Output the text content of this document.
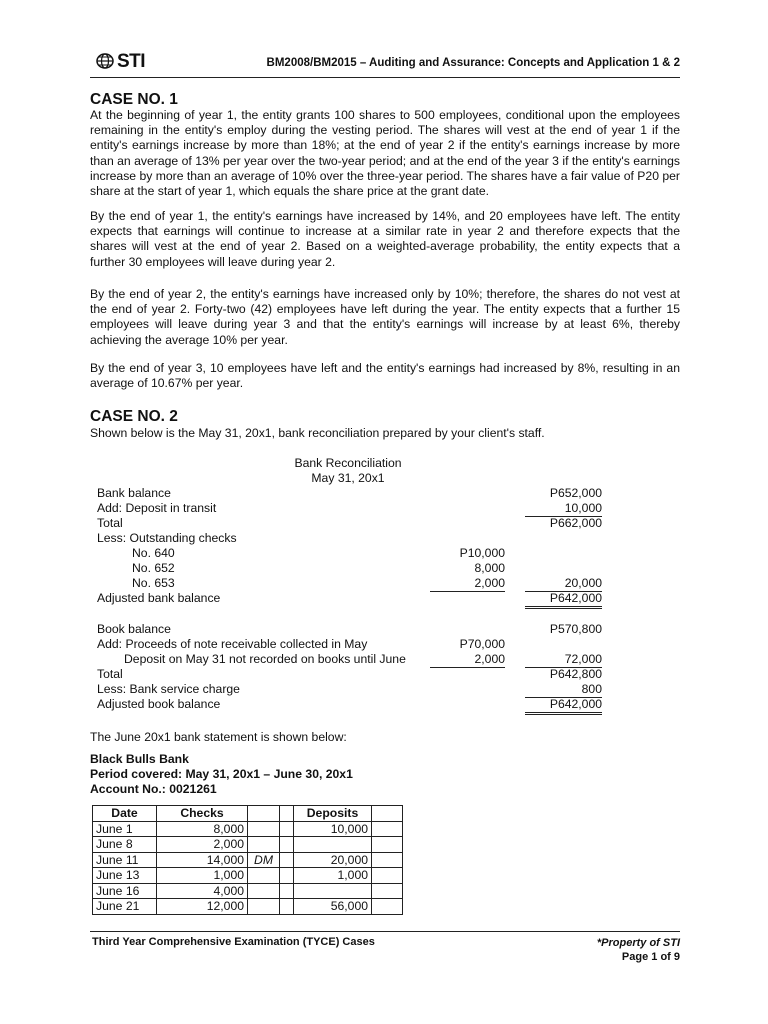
STI	BM2008/BM2015 – Auditing and Assurance: Concepts and Application 1 & 2
CASE NO. 1
At the beginning of year 1, the entity grants 100 shares to 500 employees, conditional upon the employees remaining in the entity's employ during the vesting period. The shares will vest at the end of year 1 if the entity's earnings increase by more than 18%; at the end of year 2 if the entity's earnings increase by more than an average of 13% per year over the two-year period; and at the end of the year 3 if the entity's earnings increase by more than an average of 10% over the three-year period. The shares have a fair value of P20 per share at the start of year 1, which equals the share price at the grant date.
By the end of year 1, the entity's earnings have increased by 14%, and 20 employees have left. The entity expects that earnings will continue to increase at a similar rate in year 2 and therefore expects that the shares will vest at the end of year 2. Based on a weighted-average probability, the entity expects that a further 30 employees will leave during year 2.
By the end of year 2, the entity's earnings have increased only by 10%; therefore, the shares do not vest at the end of year 2. Forty-two (42) employees have left during the year. The entity expects that a further 15 employees will leave during year 3 and that the entity's earnings will increase by at least 6%, thereby achieving the average 10% per year.
By the end of year 3, 10 employees have left and the entity's earnings had increased by 8%, resulting in an average of 10.67% per year.
CASE NO. 2
Shown below is the May 31, 20x1, bank reconciliation prepared by your client's staff.
Bank Reconciliation
May 31, 20x1
Bank balance	P652,000
Add: Deposit in transit	10,000
Total	P662,000
Less: Outstanding checks
No. 640	P10,000
No. 652	8,000
No. 653	2,000	20,000
Adjusted bank balance	P642,000
Book balance	P570,800
Add: Proceeds of note receivable collected in May	P70,000
Deposit on May 31 not recorded on books until June	2,000	72,000
Total	P642,800
Less: Bank service charge	800
Adjusted book balance	P642,000
The June 20x1 bank statement is shown below:
Black Bulls Bank
Period covered: May 31, 20x1 – June 30, 20x1
Account No.: 0021261
Date	Checks			Deposits	
June 1	8,000			10,000	
June 8	2,000				
June 11	14,000	DM		20,000	
June 13	1,000			1,000	
June 16	4,000				
June 21	12,000			56,000	
Third Year Comprehensive Examination (TYCE) Cases	*Property of STI
Page 1 of 9
